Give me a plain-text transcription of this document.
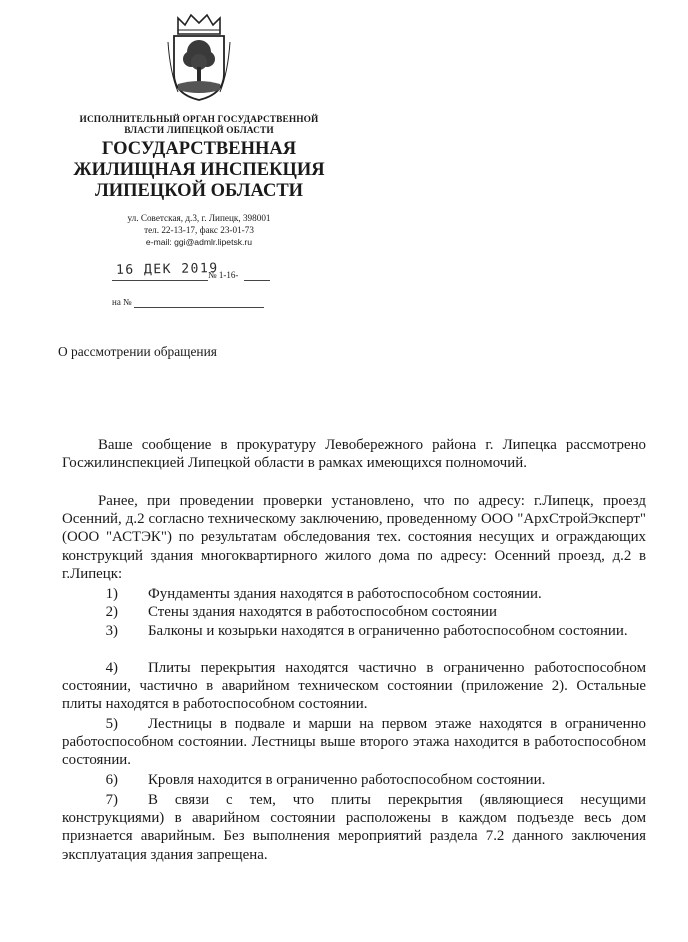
ИСПОЛНИТЕЛЬНЫЙ ОРГАН ГОСУДАРСТВЕННОЙ
ВЛАСТИ ЛИПЕЦКОЙ ОБЛАСТИ
ГОСУДАРСТВЕННАЯ
ЖИЛИЩНАЯ ИНСПЕКЦИЯ
ЛИПЕЦКОЙ ОБЛАСТИ
ул. Советская, д.3, г. Липецк, 398001
тел. 22-13-17, факс 23-01-73
e-mail: ggi@admlr.lipetsk.ru
16 ДЕК 2019
№ 1-16-
на №
О рассмотрении обращения
Ваше сообщение в прокуратуру Левобережного района г. Липецка рассмотрено Госжилинспекцией Липецкой области в рамках имеющихся полномочий.
Ранее, при проведении проверки установлено, что по адресу: г.Липецк, проезд Осенний, д.2 согласно техническому заключению, проведенному ООО "АрхСтройЭксперт" (ООО "АСТЭК") по результатам обследования тех. состояния несущих и ограждающих конструкций здания многоквартирного жилого дома по адресу: Осенний проезд, д.2 в г.Липецк:
1) Фундаменты здания находятся в работоспособном состоянии.
2) Стены здания находятся в работоспособном состоянии
3) Балконы и козырьки находятся в ограниченно работоспособном состоянии.
4) Плиты перекрытия находятся частично в ограниченно работоспособном состоянии, частично в аварийном техническом состоянии (приложение 2). Остальные плиты находятся в работоспособном состоянии.
5) Лестницы в подвале и марши на первом этаже находятся в ограниченно работоспособном состоянии. Лестницы выше второго этажа находится в работоспособном состоянии.
6) Кровля находится в ограниченно работоспособном состоянии.
7) В связи с тем, что плиты перекрытия (являющиеся несущими конструкциями) в аварийном состоянии расположены в каждом подъезде весь дом признается аварийным. Без выполнения мероприятий раздела 7.2 данного заключения эксплуатация здания запрещена.
